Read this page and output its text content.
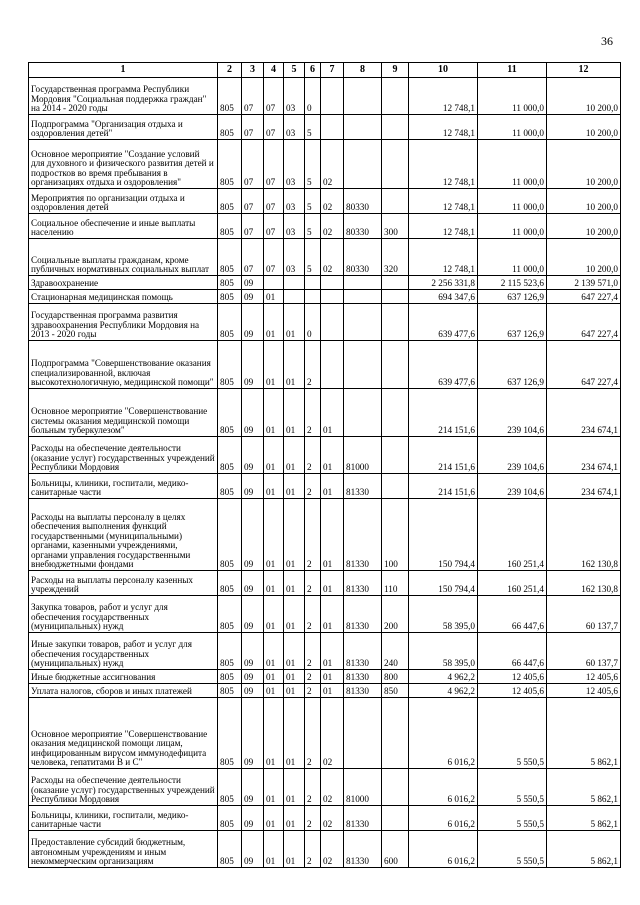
36
1	2	3	4	5	6	7	8	9	10	11	12
Государственная программа Республики Мордовия "Социальная поддержка граждан" на 2014 - 2020 годы	805	07	07	03	0				12 748,1	11 000,0	10 200,0
Подпрограмма "Организация отдыха и оздоровления детей"	805	07	07	03	5				12 748,1	11 000,0	10 200,0
Основное мероприятие "Создание условий для духовного и физического развития детей и подростков во время пребывания в организациях отдыха и оздоровления"	805	07	07	03	5	02			12 748,1	11 000,0	10 200,0
Мероприятия по организации отдыха и оздоровления детей	805	07	07	03	5	02	80330		12 748,1	11 000,0	10 200,0
Социальное обеспечение и иные выплаты населению	805	07	07	03	5	02	80330	300	12 748,1	11 000,0	10 200,0
Социальные выплаты гражданам, кроме публичных нормативных социальных выплат	805	07	07	03	5	02	80330	320	12 748,1	11 000,0	10 200,0
Здравоохранение	805	09							2 256 331,8	2 115 523,6	2 139 571,0
Стационарная медицинская помощь	805	09	01						694 347,6	637 126,9	647 227,4
Государственная программа развития здравоохранения Республики Мордовия на 2013 - 2020 годы	805	09	01	01	0				639 477,6	637 126,9	647 227,4
Подпрограмма "Совершенствование оказания специализированной, включая высокотехнологичную, медицинской помощи"	805	09	01	01	2				639 477,6	637 126,9	647 227,4
Основное мероприятие "Совершенствование системы оказания медицинской помощи больным туберкулезом"	805	09	01	01	2	01			214 151,6	239 104,6	234 674,1
Расходы на обеспечение деятельности (оказание услуг) государственных учреждений Республики Мордовия	805	09	01	01	2	01	81000		214 151,6	239 104,6	234 674,1
Больницы, клиники, госпитали, медико-санитарные части	805	09	01	01	2	01	81330		214 151,6	239 104,6	234 674,1
Расходы на выплаты персоналу в целях обеспечения выполнения функций государственными (муниципальными) органами, казенными учреждениями, органами управления государственными внебюджетными фондами	805	09	01	01	2	01	81330	100	150 794,4	160 251,4	162 130,8
Расходы на выплаты персоналу казенных учреждений	805	09	01	01	2	01	81330	110	150 794,4	160 251,4	162 130,8
Закупка товаров, работ и услуг для обеспечения государственных (муниципальных) нужд	805	09	01	01	2	01	81330	200	58 395,0	66 447,6	60 137,7
Иные закупки товаров, работ и услуг для обеспечения государственных (муниципальных) нужд	805	09	01	01	2	01	81330	240	58 395,0	66 447,6	60 137,7
Иные бюджетные ассигнования	805	09	01	01	2	01	81330	800	4 962,2	12 405,6	12 405,6
Уплата налогов, сборов и иных платежей	805	09	01	01	2	01	81330	850	4 962,2	12 405,6	12 405,6
Основное мероприятие "Совершенствование оказания медицинской помощи лицам, инфицированным вирусом иммунодефицита человека, гепатитами В и С"	805	09	01	01	2	02			6 016,2	5 550,5	5 862,1
Расходы на обеспечение деятельности (оказание услуг) государственных учреждений Республики Мордовия	805	09	01	01	2	02	81000		6 016,2	5 550,5	5 862,1
Больницы, клиники, госпитали, медико-санитарные части	805	09	01	01	2	02	81330		6 016,2	5 550,5	5 862,1
Предоставление субсидий бюджетным, автономным учреждениям и иным некоммерческим организациям	805	09	01	01	2	02	81330	600	6 016,2	5 550,5	5 862,1
